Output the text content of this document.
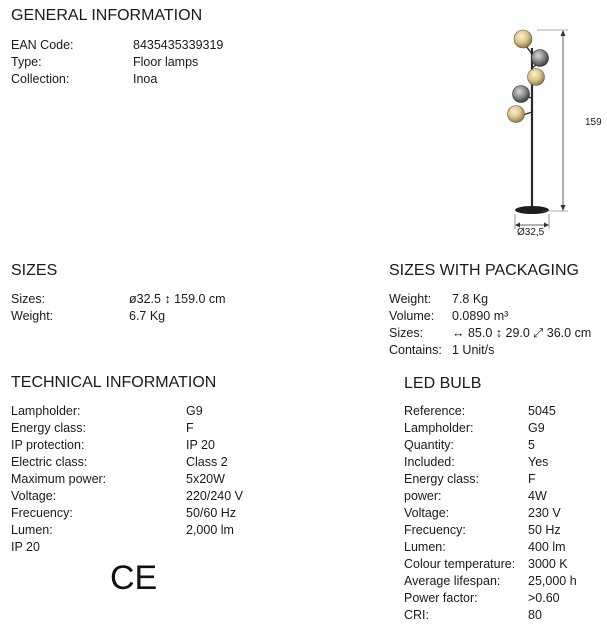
GENERAL INFORMATION
EAN Code:	8435435339319
Type:	Floor lamps
Collection:	Inoa
159
Ø32,5
SIZES
Sizes:	ø32.5 ↕ 159.0 cm
Weight:	6.7 Kg
SIZES WITH PACKAGING
Weight: 7.8 Kg
Volume: 0.0890 m³
Sizes: ↔ 85.0 ↕ 29.0 ⤢ 36.0 cm
Contains: 1 Unit/s
TECHNICAL INFORMATION
Lampholder:	G9
Energy class:	F
IP protection:	IP 20
Electric class:	Class 2
Maximum power:	5x20W
Voltage:	220/240 V
Frecuency:	50/60 Hz
Lumen:	2,000 lm
IP 20
CE
LED BULB
Reference:	5045
Lampholder:	G9
Quantity:	5
Included:	Yes
Energy class:	F
power:	4W
Voltage:	230 V
Frecuency:	50 Hz
Lumen:	400 lm
Colour temperature: 3000 K
Average lifespan: 25,000 h
Power factor:	>0.60
CRI:	80
